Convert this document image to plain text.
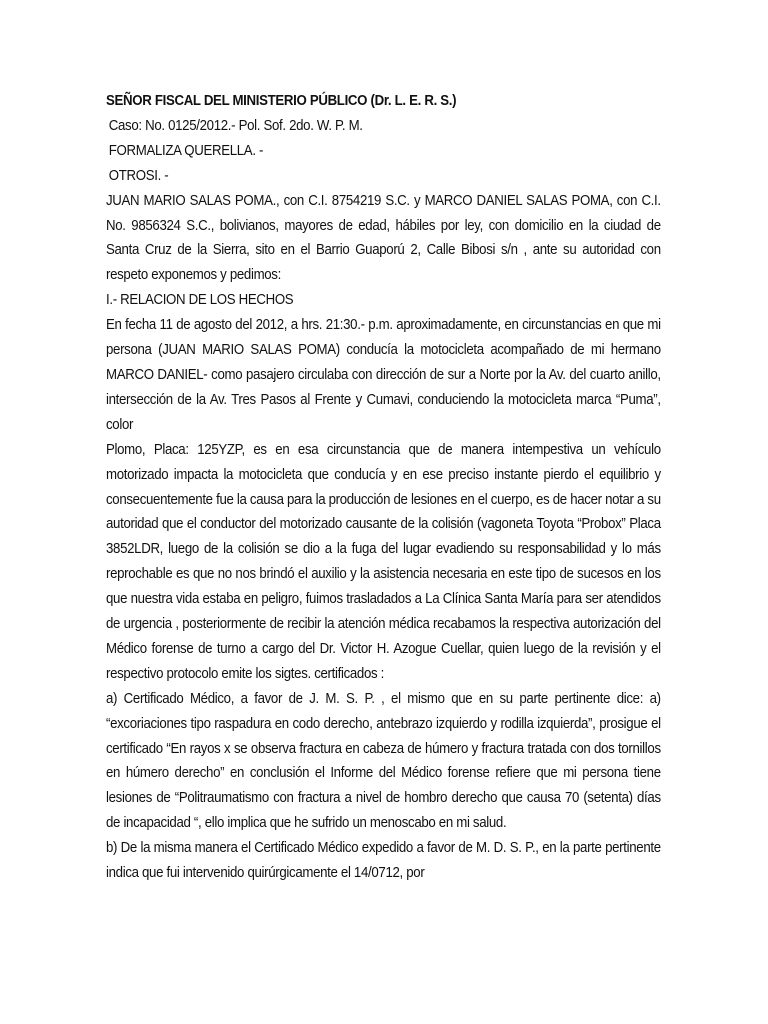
SEÑOR FISCAL DEL MINISTERIO PÚBLICO (Dr. L. E. R. S.)

Caso: No. 0125/2012.- Pol. Sof. 2do. W. P. M.

FORMALIZA QUERELLA. -

OTROSI. -

JUAN MARIO SALAS POMA., con C.I. 8754219 S.C. y MARCO DANIEL SALAS POMA, con C.I. No. 9856324 S.C., bolivianos, mayores de edad, hábiles por ley, con domicilio en la ciudad de Santa Cruz de la Sierra, sito en el Barrio Guaporú 2, Calle Bibosi s/n , ante su autoridad con respeto exponemos y pedimos:

I.- RELACION DE LOS HECHOS

En fecha 11 de agosto del 2012, a hrs. 21:30.- p.m. aproximadamente, en circunstancias en que mi persona (JUAN MARIO SALAS POMA) conducía la motocicleta acompañado de mi hermano MARCO DANIEL- como pasajero circulaba con dirección de sur a Norte por la Av. del cuarto anillo, intersección de la Av. Tres Pasos al Frente y Cumavi, conduciendo la motocicleta marca “Puma”, color

Plomo, Placa: 125YZP, es en esa circunstancia que de manera intempestiva un vehículo motorizado impacta la motocicleta que conducía y en ese preciso instante pierdo el equilibrio y consecuentemente fue la causa para la producción de lesiones en el cuerpo, es de hacer notar a su autoridad que el conductor del motorizado causante de la colisión (vagoneta Toyota “Probox” Placa 3852LDR, luego de la colisión se dio a la fuga del lugar evadiendo su responsabilidad y lo más reprochable es que no nos brindó el auxilio y la asistencia necesaria en este tipo de sucesos en los que nuestra vida estaba en peligro, fuimos trasladados a La Clínica Santa María para ser atendidos de urgencia , posteriormente de recibir la atención médica recabamos la respectiva autorización del Médico forense de turno a cargo del Dr. Victor H. Azogue Cuellar, quien luego de la revisión y el respectivo protocolo emite los sigtes. certificados :

a) Certificado Médico, a favor de J. M. S. P. , el mismo que en su parte pertinente dice: a) “excoriaciones tipo raspadura en codo derecho, antebrazo izquierdo y rodilla izquierda”, prosigue el certificado “En rayos x se observa fractura en cabeza de húmero y fractura tratada con dos tornillos en húmero derecho” en conclusión el Informe del Médico forense refiere que mi persona tiene lesiones de “Politraumatismo con fractura a nivel de hombro derecho que causa 70 (setenta) días de incapacidad “, ello implica que he sufrido un menoscabo en mi salud.

b) De la misma manera el Certificado Médico expedido a favor de M. D. S. P., en la parte pertinente indica que fui intervenido quirúrgicamente el 14/0712, por
